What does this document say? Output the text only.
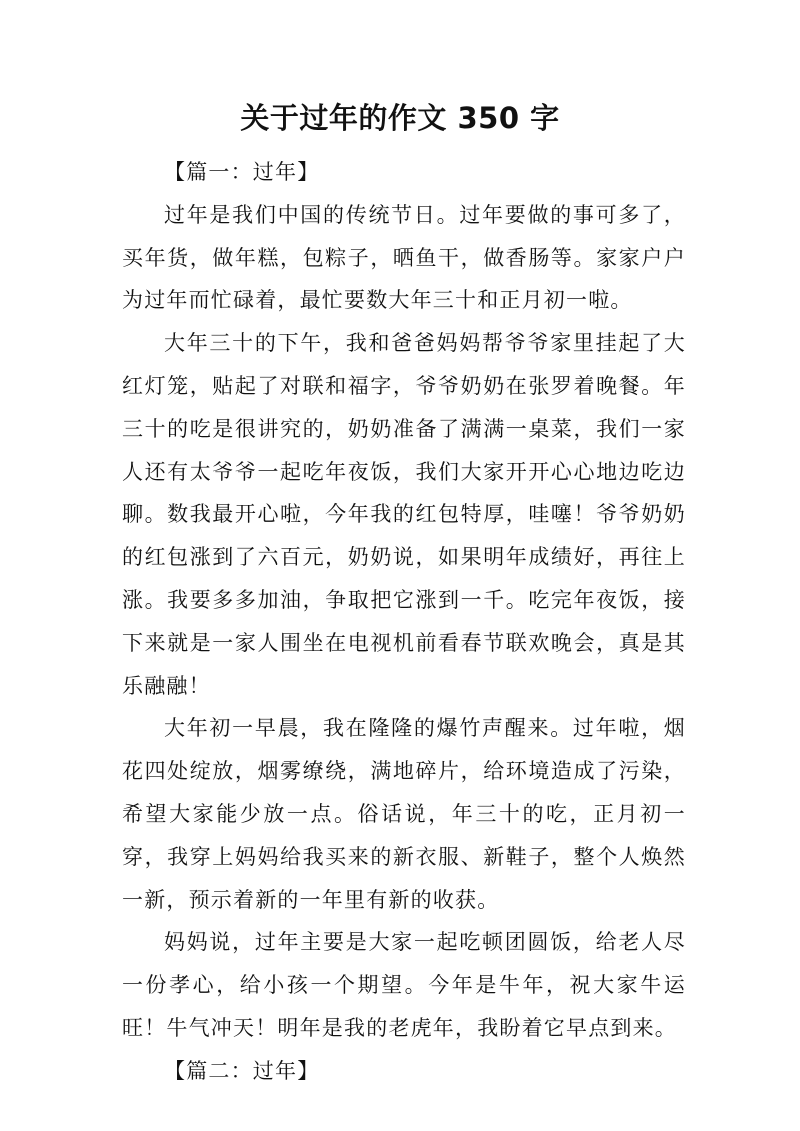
关于过年的作文 350 字

【篇一：过年】

过年是我们中国的传统节日。过年要做的事可多了，买年货，做年糕，包粽子，晒鱼干，做香肠等。家家户户为过年而忙碌着，最忙要数大年三十和正月初一啦。

大年三十的下午，我和爸爸妈妈帮爷爷家里挂起了大红灯笼，贴起了对联和福字，爷爷奶奶在张罗着晚餐。年三十的吃是很讲究的，奶奶准备了满满一桌菜，我们一家人还有太爷爷一起吃年夜饭，我们大家开开心心地边吃边聊。数我最开心啦，今年我的红包特厚，哇噻！爷爷奶奶的红包涨到了六百元，奶奶说，如果明年成绩好，再往上涨。我要多多加油，争取把它涨到一千。吃完年夜饭，接下来就是一家人围坐在电视机前看春节联欢晚会，真是其乐融融！

大年初一早晨，我在隆隆的爆竹声醒来。过年啦，烟花四处绽放，烟雾缭绕，满地碎片，给环境造成了污染，希望大家能少放一点。俗话说，年三十的吃，正月初一穿，我穿上妈妈给我买来的新衣服、新鞋子，整个人焕然一新，预示着新的一年里有新的收获。

妈妈说，过年主要是大家一起吃顿团圆饭，给老人尽一份孝心，给小孩一个期望。今年是牛年，祝大家牛运旺！牛气冲天！明年是我的老虎年，我盼着它早点到来。

【篇二：过年】
